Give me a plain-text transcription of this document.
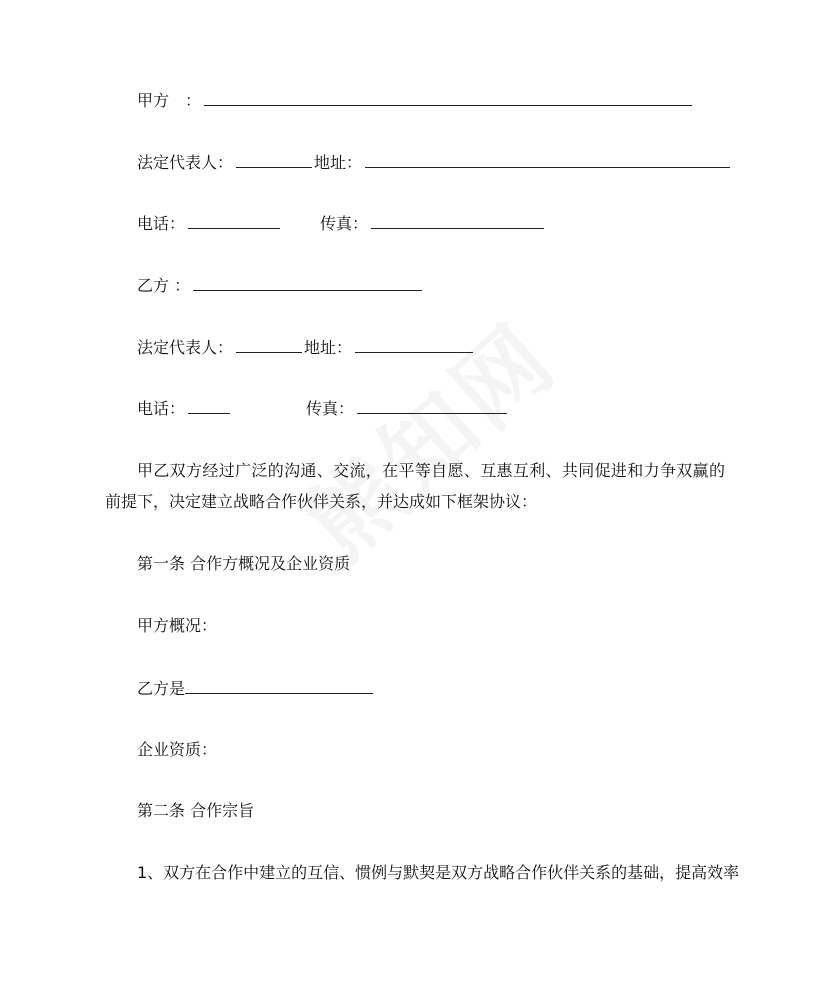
甲方　：
法定代表人：	地址：
电话：	传真：
乙方 ：
法定代表人：	地址：
电话：	传真：
甲乙双方经过广泛的沟通、交流，在平等自愿、互惠互利、共同促进和力争双赢的前提下，决定建立战略合作伙伴关系，并达成如下框架协议：
第一条 合作方概况及企业资质
甲方概况：
乙方是
企业资质：
第二条 合作宗旨
1、双方在合作中建立的互信、惯例与默契是双方战略合作伙伴关系的基础，提高效率
